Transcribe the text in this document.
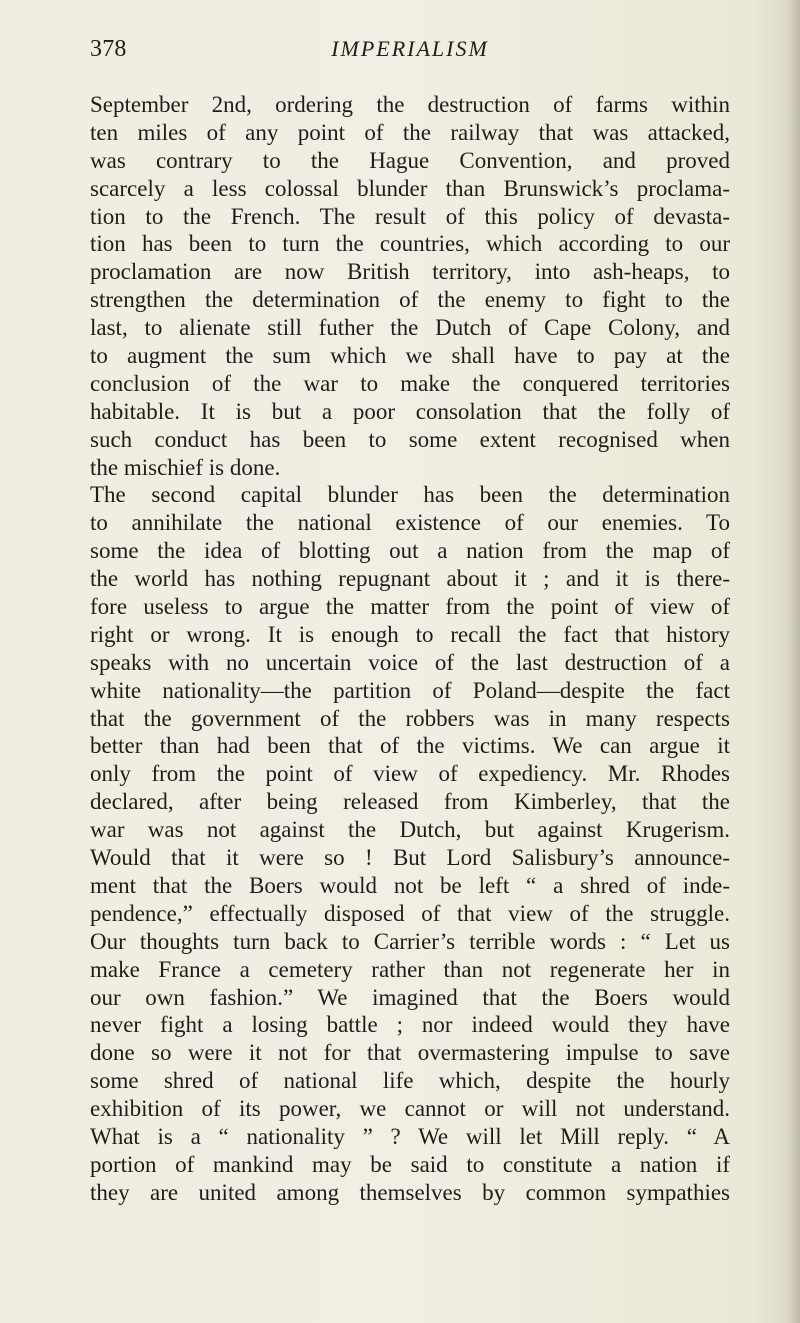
378	IMPERIALISM
September 2nd, ordering the destruction of farms within
ten miles of any point of the railway that was attacked,
was contrary to the Hague Convention, and proved
scarcely a less colossal blunder than Brunswick’s proclama-
tion to the French. The result of this policy of devasta-
tion has been to turn the countries, which according to our
proclamation are now British territory, into ash-heaps, to
strengthen the determination of the enemy to fight to the
last, to alienate still futher the Dutch of Cape Colony, and
to augment the sum which we shall have to pay at the
conclusion of the war to make the conquered territories
habitable. It is but a poor consolation that the folly of
such conduct has been to some extent recognised when
the mischief is done.
The second capital blunder has been the determination
to annihilate the national existence of our enemies. To
some the idea of blotting out a nation from the map of
the world has nothing repugnant about it ; and it is there-
fore useless to argue the matter from the point of view of
right or wrong. It is enough to recall the fact that history
speaks with no uncertain voice of the last destruction of a
white nationality—the partition of Poland—despite the fact
that the government of the robbers was in many respects
better than had been that of the victims. We can argue it
only from the point of view of expediency. Mr. Rhodes
declared, after being released from Kimberley, that the
war was not against the Dutch, but against Krugerism.
Would that it were so ! But Lord Salisbury’s announce-
ment that the Boers would not be left “ a shred of inde-
pendence,” effectually disposed of that view of the struggle.
Our thoughts turn back to Carrier’s terrible words : “ Let us
make France a cemetery rather than not regenerate her in
our own fashion.” We imagined that the Boers would
never fight a losing battle ; nor indeed would they have
done so were it not for that overmastering impulse to save
some shred of national life which, despite the hourly
exhibition of its power, we cannot or will not understand.
What is a “ nationality ” ? We will let Mill reply. “ A
portion of mankind may be said to constitute a nation if
they are united among themselves by common sympathies
